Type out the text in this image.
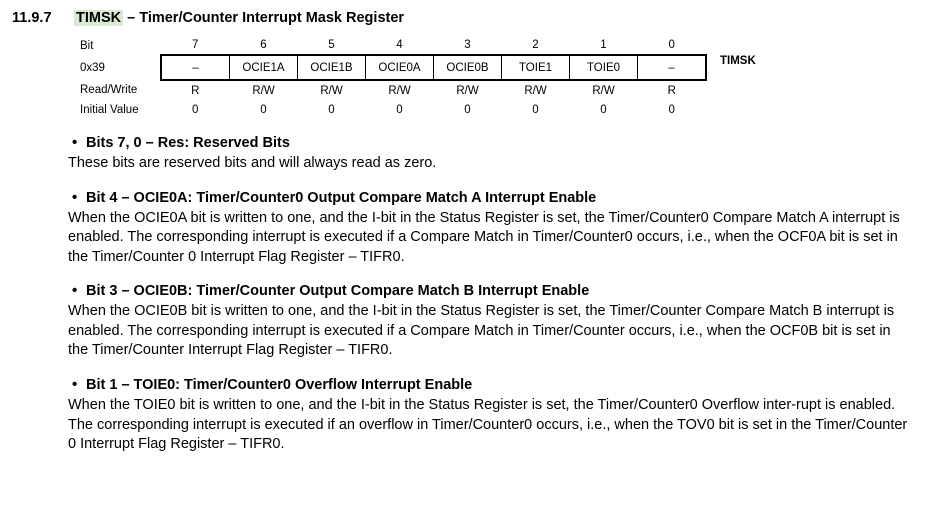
11.9.7	TIMSK – Timer/Counter Interrupt Mask Register
Bit	7	6	5	4	3	2	1	0
0x39	–	OCIE1A	OCIE1B	OCIE0A	OCIE0B	TOIE1	TOIE0	–
Read/Write	R	R/W	R/W	R/W	R/W	R/W	R/W	R
Initial Value	0	0	0	0	0	0	0	0
TIMSK
• Bits 7, 0 – Res: Reserved Bits

These bits are reserved bits and will always read as zero.

• Bit 4 – OCIE0A: Timer/Counter0 Output Compare Match A Interrupt Enable

When the OCIE0A bit is written to one, and the I-bit in the Status Register is set, the Timer/Counter0 Compare Match A interrupt is enabled. The corresponding interrupt is executed if a Compare Match in Timer/Counter0 occurs, i.e., when the OCF0A bit is set in the Timer/Counter 0 Interrupt Flag Register – TIFR0.

• Bit 3 – OCIE0B: Timer/Counter Output Compare Match B Interrupt Enable

When the OCIE0B bit is written to one, and the I-bit in the Status Register is set, the Timer/Counter Compare Match B interrupt is enabled. The corresponding interrupt is executed if a Compare Match in Timer/Counter occurs, i.e., when the OCF0B bit is set in the Timer/Counter Interrupt Flag Register – TIFR0.

• Bit 1 – TOIE0: Timer/Counter0 Overflow Interrupt Enable

When the TOIE0 bit is written to one, and the I-bit in the Status Register is set, the Timer/Counter0 Overflow inter-rupt is enabled. The corresponding interrupt is executed if an overflow in Timer/Counter0 occurs, i.e., when the TOV0 bit is set in the Timer/Counter 0 Interrupt Flag Register – TIFR0.
